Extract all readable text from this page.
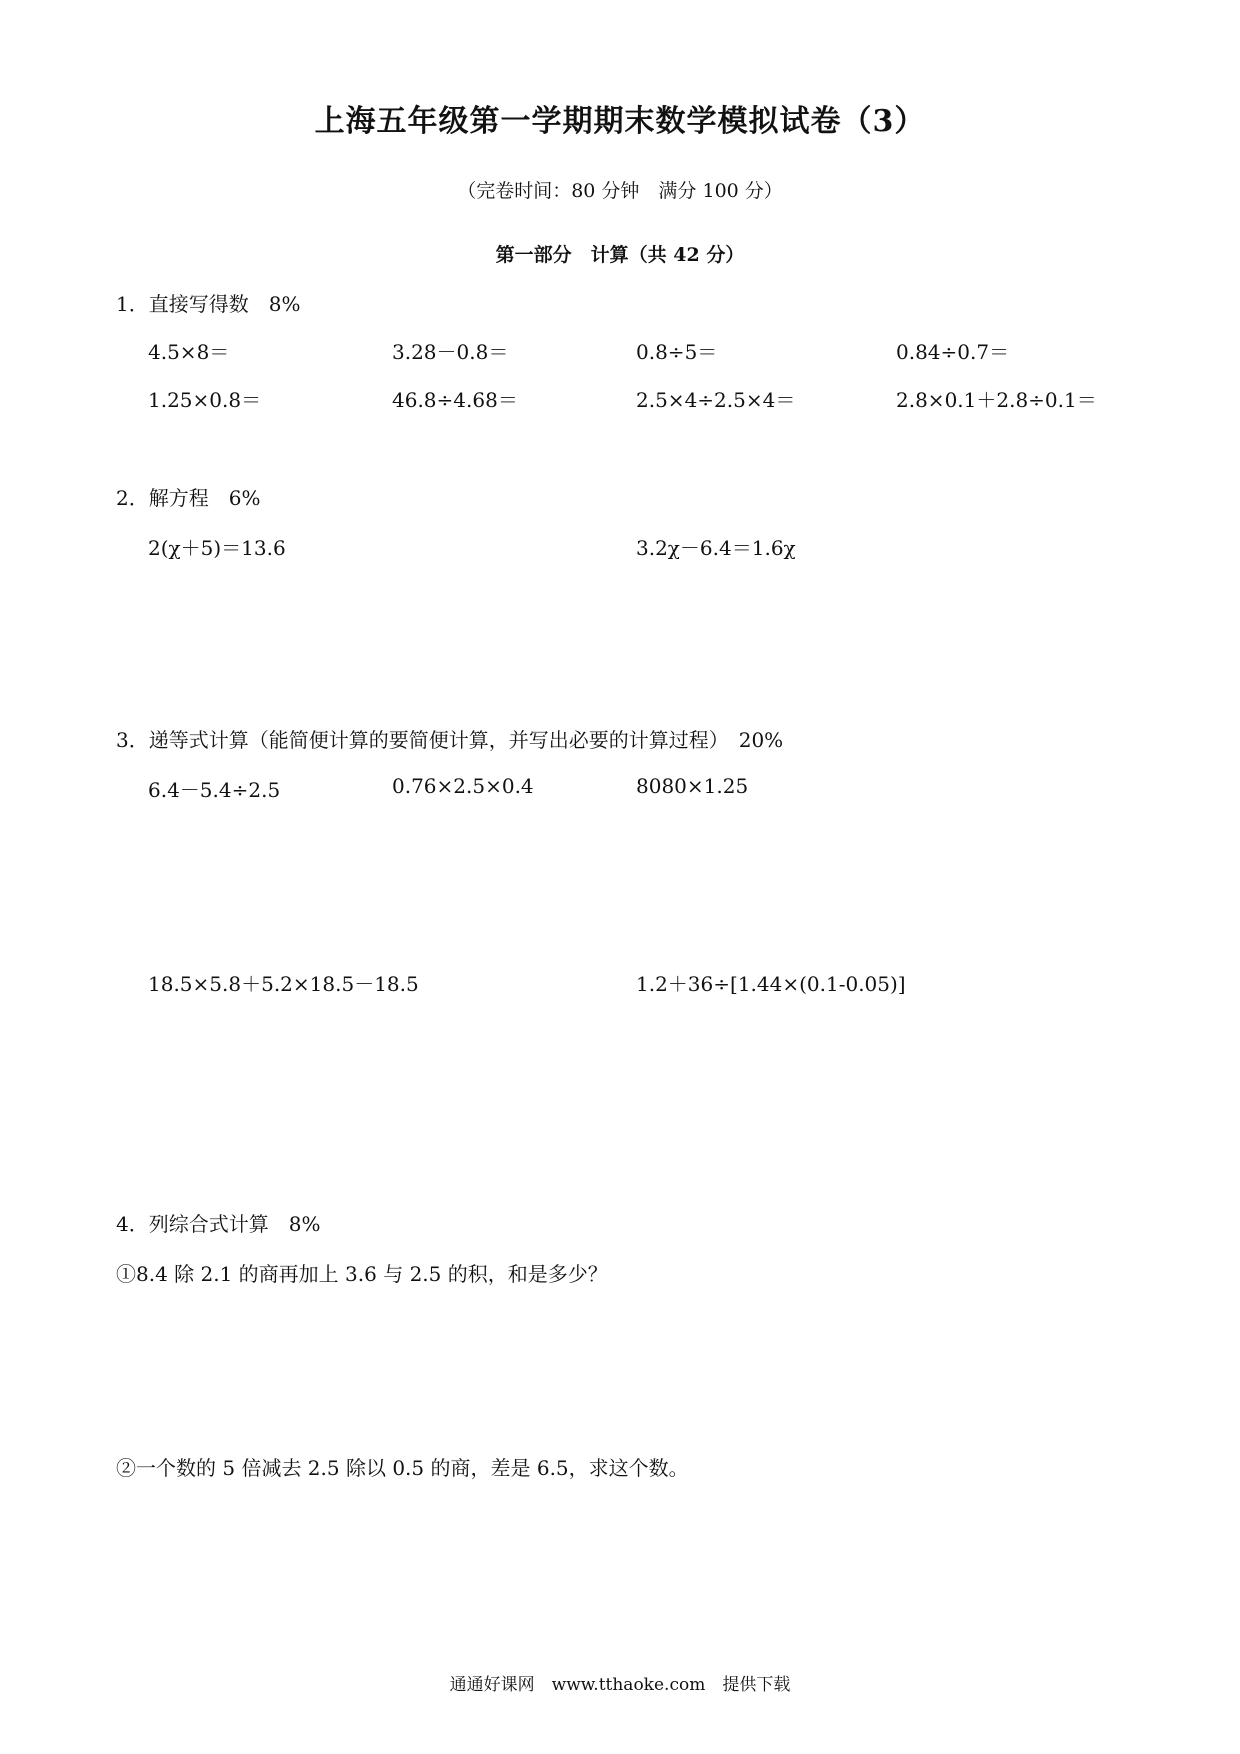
上海五年级第一学期期末数学模拟试卷（3）
（完卷时间：80 分钟　满分 100 分）
第一部分　计算（共 42 分）
1．直接写得数　8%
4.5×8＝	3.28－0.8＝	0.8÷5＝	0.84÷0.7＝
1.25×0.8＝	46.8÷4.68＝	2.5×4÷2.5×4＝	2.8×0.1＋2.8÷0.1＝
2．解方程　6%
2(χ＋5)＝13.6	3.2χ－6.4＝1.6χ
3．递等式计算（能简便计算的要简便计算，并写出必要的计算过程）　20%
6.4－5.4÷2.5	0.76×2.5×0.4	8080×1.25
18.5×5.8＋5.2×18.5－18.5	1.2＋36÷[1.44×(0.1-0.05)]
4．列综合式计算　8%
①8.4 除 2.1 的商再加上 3.6 与 2.5 的积，和是多少？
②一个数的 5 倍减去 2.5 除以 0.5 的商，差是 6.5，求这个数。
通通好课网　www.tthaoke.com　提供下载
